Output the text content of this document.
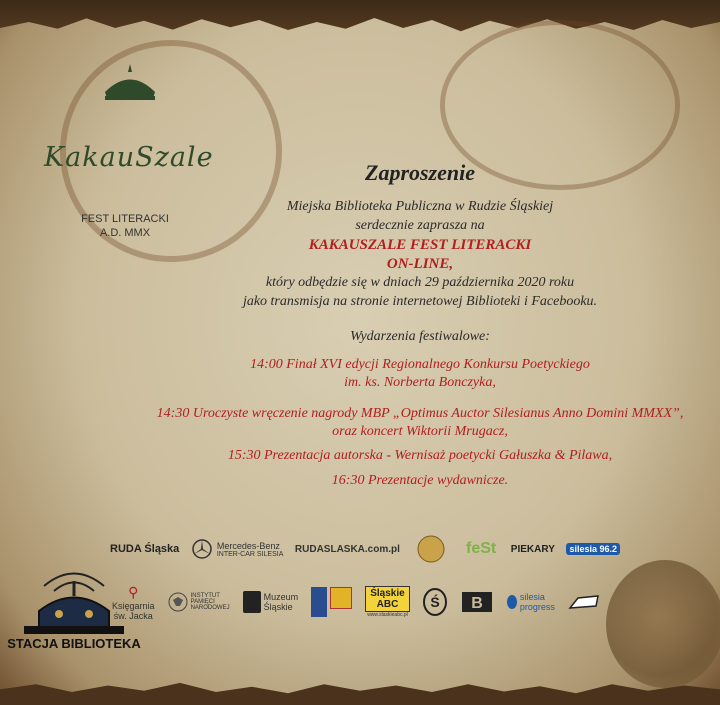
KakauSzale
FEST LITERACKI
A.D. MMX
Zaproszenie
Miejska Biblioteka Publiczna w Rudzie Śląskiej
serdecznie zaprasza na
KAKAUSZALE FEST LITERACKI
ON-LINE,
który odbędzie się w dniach 29 października 2020 roku
jako transmisja na stronie internetowej Biblioteki i Facebooku.
Wydarzenia festiwalowe:
14:00 Finał XVI edycji Regionalnego Konkursu Poetyckiego
im. ks. Norberta Bonczyka,
14:30 Uroczyste wręczenie nagrody MBP „Optimus Auctor Silesianus Anno Domini MMXX”,
oraz koncert Wiktorii Mrugacz,
15:30 Prezentacja autorska - Wernisaż poetycki Gałuszka & Pilawa,
16:30 Prezentacje wydawnicze.
RUDA Śląska	Mercedes-Benz
INTER-CAR SILESIA RUDASLASKA.com.pl	feSt	PIEKARY	silesia 96.2
⚲
Księgarnia
św. Jacka
INSTYTUT
PAMIĘCI
NARODOWEJ
Muzeum
Śląskie
Śląskie
ABC
www.slaskieabc.pl
Ś B	silesia
progress
STACJA BIBLIOTEKA
